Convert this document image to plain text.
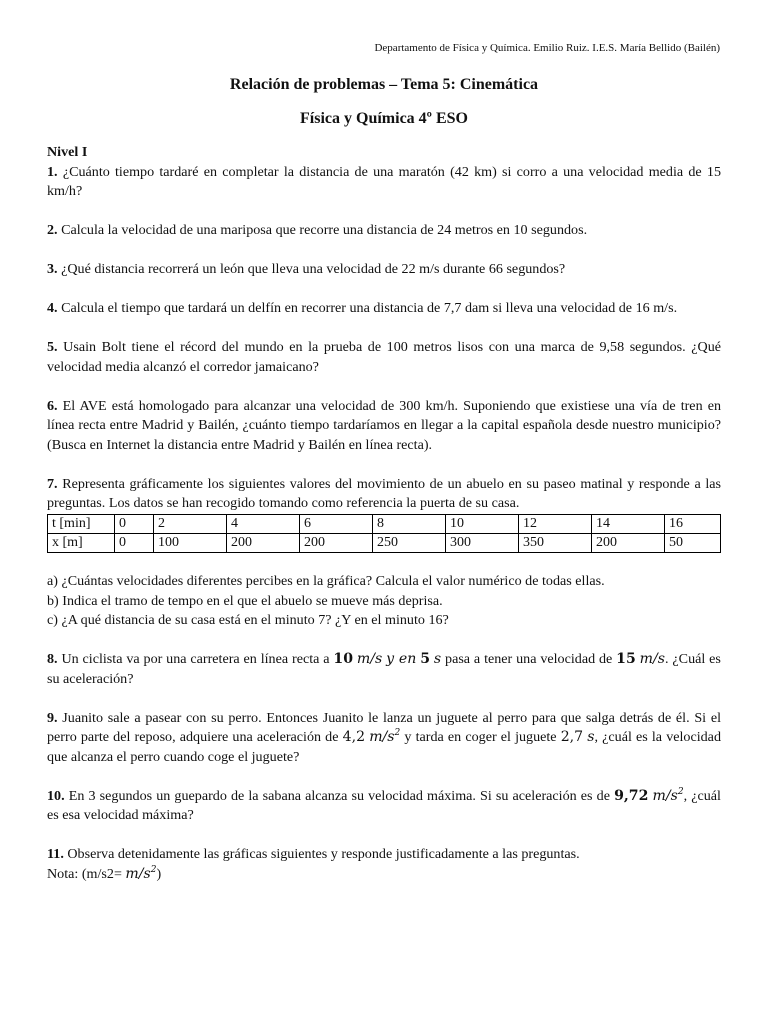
Departamento de Física y Química. Emilio Ruiz. I.E.S. María Bellido (Bailén)
Relación de problemas – Tema 5: Cinemática
Física y Química 4º ESO

Nivel I

1. ¿Cuánto tiempo tardaré en completar la distancia de una maratón (42 km) si corro a una velocidad media de 15 km/h?

2. Calcula la velocidad de una mariposa que recorre una distancia de 24 metros en 10 segundos.

3. ¿Qué distancia recorrerá un león que lleva una velocidad de 22 m/s durante 66 segundos?

4. Calcula el tiempo que tardará un delfín en recorrer una distancia de 7,7 dam si lleva una velocidad de 16 m/s.

5. Usain Bolt tiene el récord del mundo en la prueba de 100 metros lisos con una marca de 9,58 segundos. ¿Qué velocidad media alcanzó el corredor jamaicano?

6. El AVE está homologado para alcanzar una velocidad de 300 km/h. Suponiendo que existiese una vía de tren en línea recta entre Madrid y Bailén, ¿cuánto tiempo tardaríamos en llegar a la capital española desde nuestro municipio? (Busca en Internet la distancia entre Madrid y Bailén en línea recta).

7. Representa gráficamente los siguientes valores del movimiento de un abuelo en su paseo matinal y responde a las preguntas. Los datos se han recogido tomando como referencia la puerta de su casa.

t [min]	0	2	4	6	8	10	12	14	16
x [m]	0	100	200	200	250	300	350	200	50

a) ¿Cuántas velocidades diferentes percibes en la gráfica? Calcula el valor numérico de todas ellas.

b) Indica el tramo de tempo en el que el abuelo se mueve más deprisa.

c) ¿A qué distancia de su casa está en el minuto 7? ¿Y en el minuto 16?

8. Un ciclista va por una carretera en línea recta a 10 m/s y en 5 s pasa a tener una velocidad de 15 m/s. ¿Cuál es su aceleración?

9. Juanito sale a pasear con su perro. Entonces Juanito le lanza un juguete al perro para que salga detrás de él. Si el perro parte del reposo, adquiere una aceleración de 4,2 $m/s^2$ y tarda en coger el juguete 2,7 s, ¿cuál es la velocidad que alcanza el perro cuando coge el juguete?

10. En 3 segundos un guepardo de la sabana alcanza su velocidad máxima. Si su aceleración es de 9,72 $m/s^2$, ¿cuál es esa velocidad máxima?

11. Observa detenidamente las gráficas siguientes y responde justificadamente a las preguntas.

Nota: $(m/s2= m/s^2)$
